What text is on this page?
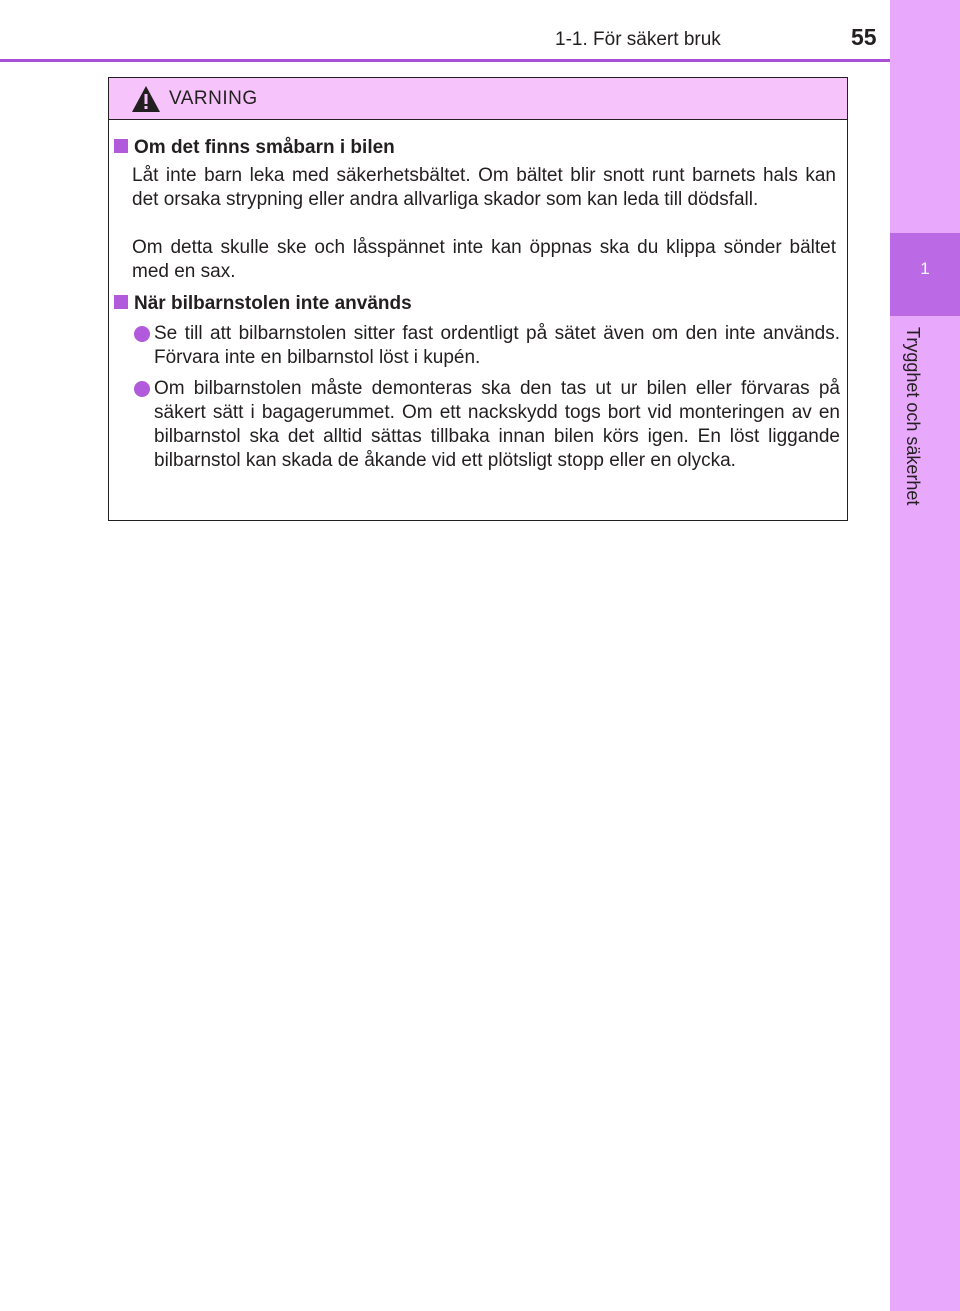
1-1. För säkert bruk	55
1
Trygghet och säkerhet
VARNING
Om det finns småbarn i bilen

Låt inte barn leka med säkerhetsbältet. Om bältet blir snott runt barnets hals kan det orsaka strypning eller andra allvarliga skador som kan leda till dödsfall.

Om detta skulle ske och låsspännet inte kan öppnas ska du klippa sönder bältet med en sax.

När bilbarnstolen inte används

Se till att bilbarnstolen sitter fast ordentligt på sätet även om den inte används. Förvara inte en bilbarnstol löst i kupén.

Om bilbarnstolen måste demonteras ska den tas ut ur bilen eller förvaras på säkert sätt i bagagerummet. Om ett nackskydd togs bort vid monteringen av en bilbarnstol ska det alltid sättas tillbaka innan bilen körs igen. En löst liggande bilbarnstol kan skada de åkande vid ett plötsligt stopp eller en olycka.
